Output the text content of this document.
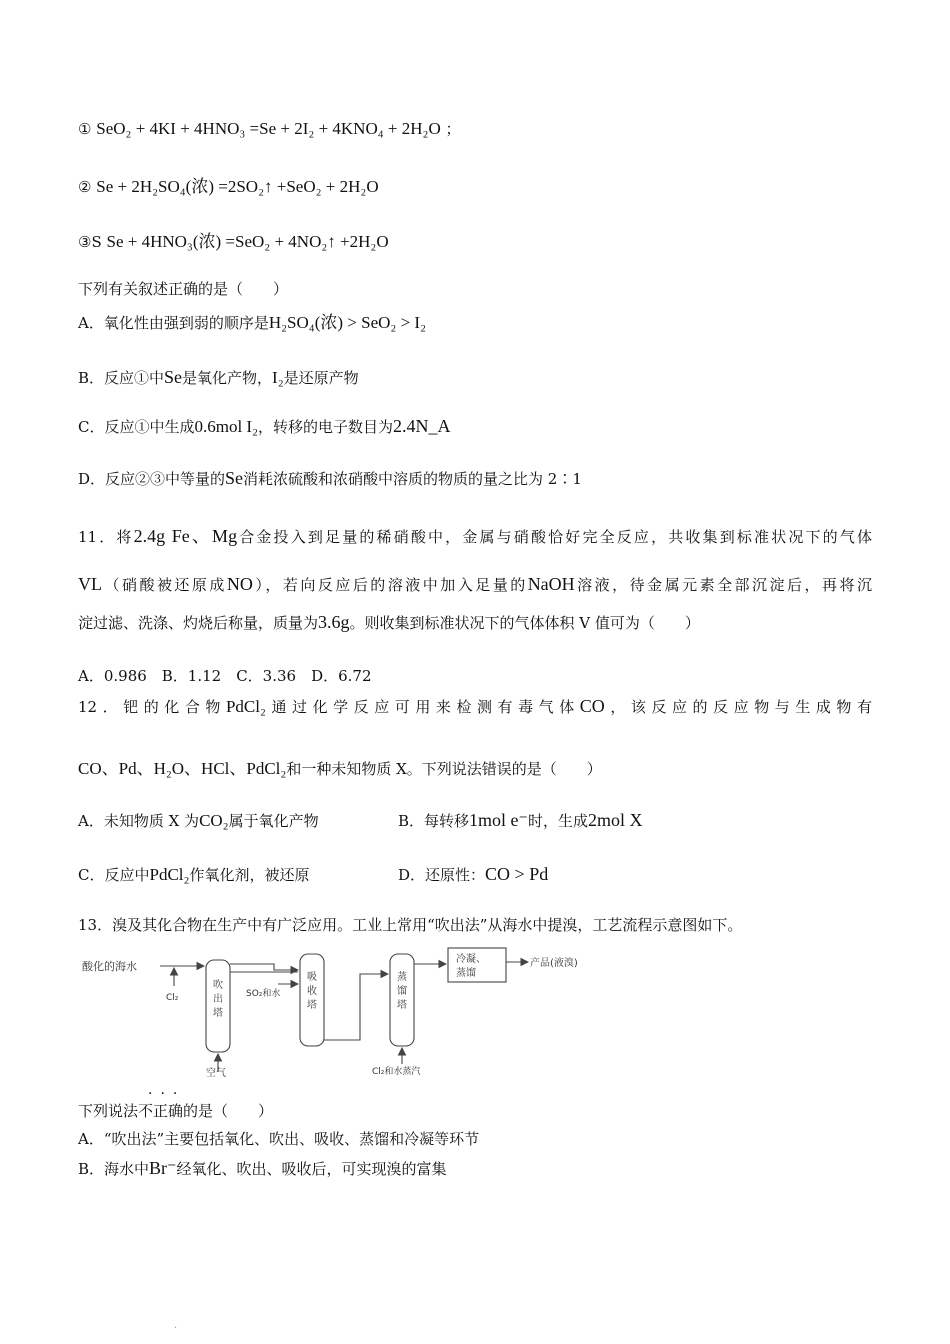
① SeO₂ + 4KI + 4HNO₃ =Se + 2I₂ + 4KNO₄ + 2H₂O ；
② Se + 2H₂SO₄(浓) =2SO₂↑ +SeO₂ + 2H₂O
③S Se + 4HNO₃(浓) =SeO₂ + 4NO₂↑ +2H₂O
下列有关叙述正确的是（　　）
A．氧化性由强到弱的顺序是H₂SO₄(浓) > SeO₂ > I₂
B．反应①中Se是氧化产物，I₂是还原产物
C．反应①中生成0.6mol I₂，转移的电子数目为2.4N_A
D．反应②③中等量的Se消耗浓硫酸和浓硝酸中溶质的物质的量之比为 2∶1
11．将2.4g Fe、Mg合金投入到足量的稀硝酸中，金属与硝酸恰好完全反应，共收集到标准状况下的气体
VL（硝酸被还原成NO），若向反应后的溶液中加入足量的NaOH溶液，待金属元素全部沉淀后，再将沉
淀过滤、洗涤、灼烧后称量，质量为3.6g。则收集到标准状况下的气体体积 V 值可为（　　）
A．0.986　B．1.12　C．3.36　D．6.72
12．钯的化合物PdCl₂通过化学反应可用来检测有毒气体CO，该反应的反应物与生成物有
CO、Pd、H₂O、HCl、PdCl₂和一种未知物质 X。下列说法错误的是（　　）
A．未知物质 X 为CO₂属于氧化产物	B．每转移1mol e⁻时，生成2mol X
C．反应中PdCl₂作氧化剂，被还原	D．还原性：CO > Pd
13．溴及其化合物在生产中有广泛应用。工业上常用“吹出法”从海水中提溴，工艺流程示意图如下。
酸化的海水
Cl₂
吹
出
塔
空气
吸
收
塔
SO₂和水
蒸
馏
塔
Cl₂和水蒸汽
冷凝、
蒸馏
产品(液溴)
···
下列说法不正确的是（　　）
A．“吹出法”主要包括氧化、吹出、吸收、蒸馏和冷凝等环节
B．海水中Br⁻经氧化、吹出、吸收后，可实现溴的富集
.
